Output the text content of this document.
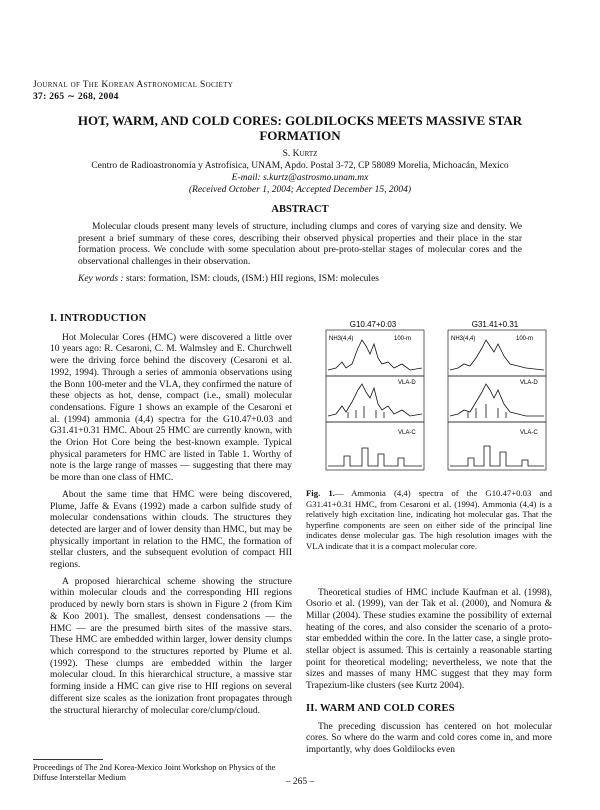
Journal of The Korean Astronomical Society
37: 265 ∼ 268, 2004
HOT, WARM, AND COLD CORES: GOLDILOCKS MEETS MASSIVE STAR FORMATION
S. Kurtz
Centro de Radioastronomía y Astrofísica, UNAM, Apdo. Postal 3-72, CP 58089 Morelia, Michoacán, Mexico
E-mail: s.kurtz@astrosmo.unam.mx
(Received October 1, 2004; Accepted December 15, 2004)
ABSTRACT
Molecular clouds present many levels of structure, including clumps and cores of varying size and density. We present a brief summary of these cores, describing their observed physical properties and their place in the star formation process. We conclude with some speculation about pre-proto-stellar stages of molecular cores and the observational challenges in their observation.
Key words : stars: formation, ISM: clouds, (ISM:) HII regions, ISM: molecules
I. INTRODUCTION

Hot Molecular Cores (HMC) were discovered a little over 10 years ago: R. Cesaroni, C. M. Walmsley and E. Churchwell were the driving force behind the discovery (Cesaroni et al. 1992, 1994). Through a series of ammonia observations using the Bonn 100-meter and the VLA, they confirmed the nature of these objects as hot, dense, compact (i.e., small) molecular condensations. Figure 1 shows an example of the Cesaroni et al. (1994) ammonia (4,4) spectra for the G10.47+0.03 and G31.41+0.31 HMC. About 25 HMC are currently known, with the Orion Hot Core being the best-known example. Typical physical parameters for HMC are listed in Table 1. Worthy of note is the large range of masses — suggesting that there may be more than one class of HMC.

About the same time that HMC were being discovered, Plume, Jaffe & Evans (1992) made a carbon sulfide study of molecular condensations within clouds. The structures they detected are larger and of lower density than HMC, but may be physically important in relation to the HMC, the formation of stellar clusters, and the subsequent evolution of compact HII regions.

A proposed hierarchical scheme showing the structure within molecular clouds and the corresponding HII regions produced by newly born stars is shown in Figure 2 (from Kim & Koo 2001). The smallest, densest condensations — the HMC — are the presumed birth sites of the massive stars. These HMC are embedded within larger, lower density clumps which correspond to the structures reported by Plume et al. (1992). These clumps are embedded within the larger molecular cloud. In this hierarchical structure, a massive star forming inside a HMC can give rise to HII regions on several different size scales as the ionization front propagates through the structural hierarchy of molecular core/clump/cloud.

Proceedings of The 2nd Korea-Mexico Joint Workshop on Physics of the Diffuse Interstellar Medium
G10.47+0.03
NH3(4,4)	100-m
VLA-D
VLA-C
G31.41+0.31
NH3(4,4)	100-m
VLA-D
VLA-C
Fig. 1.— Ammonia (4,4) spectra of the G10.47+0.03 and G31.41+0.31 HMC, from Cesaroni et al. (1994). Ammonia (4,4) is a relatively high excitation line, indicating hot molecular gas. That the hyperfine components are seen on either side of the principal line indicates dense molecular gas. The high resolution images with the VLA indicate that it is a compact molecular core.

Theoretical studies of HMC include Kaufman et al. (1998), Osorio et al. (1999), van der Tak et al. (2000), and Nomura & Millar (2004). These studies examine the possibility of external heating of the cores, and also consider the scenario of a proto-star embedded within the core. In the latter case, a single proto-stellar object is assumed. This is certainly a reasonable starting point for theoretical modeling; nevertheless, we note that the sizes and masses of many HMC suggest that they may form Trapezium-like clusters (see Kurtz 2004).

II. WARM AND COLD CORES

The preceding discussion has centered on hot molecular cores. So where do the warm and cold cores come in, and more importantly, why does Goldilocks even

– 265 –
